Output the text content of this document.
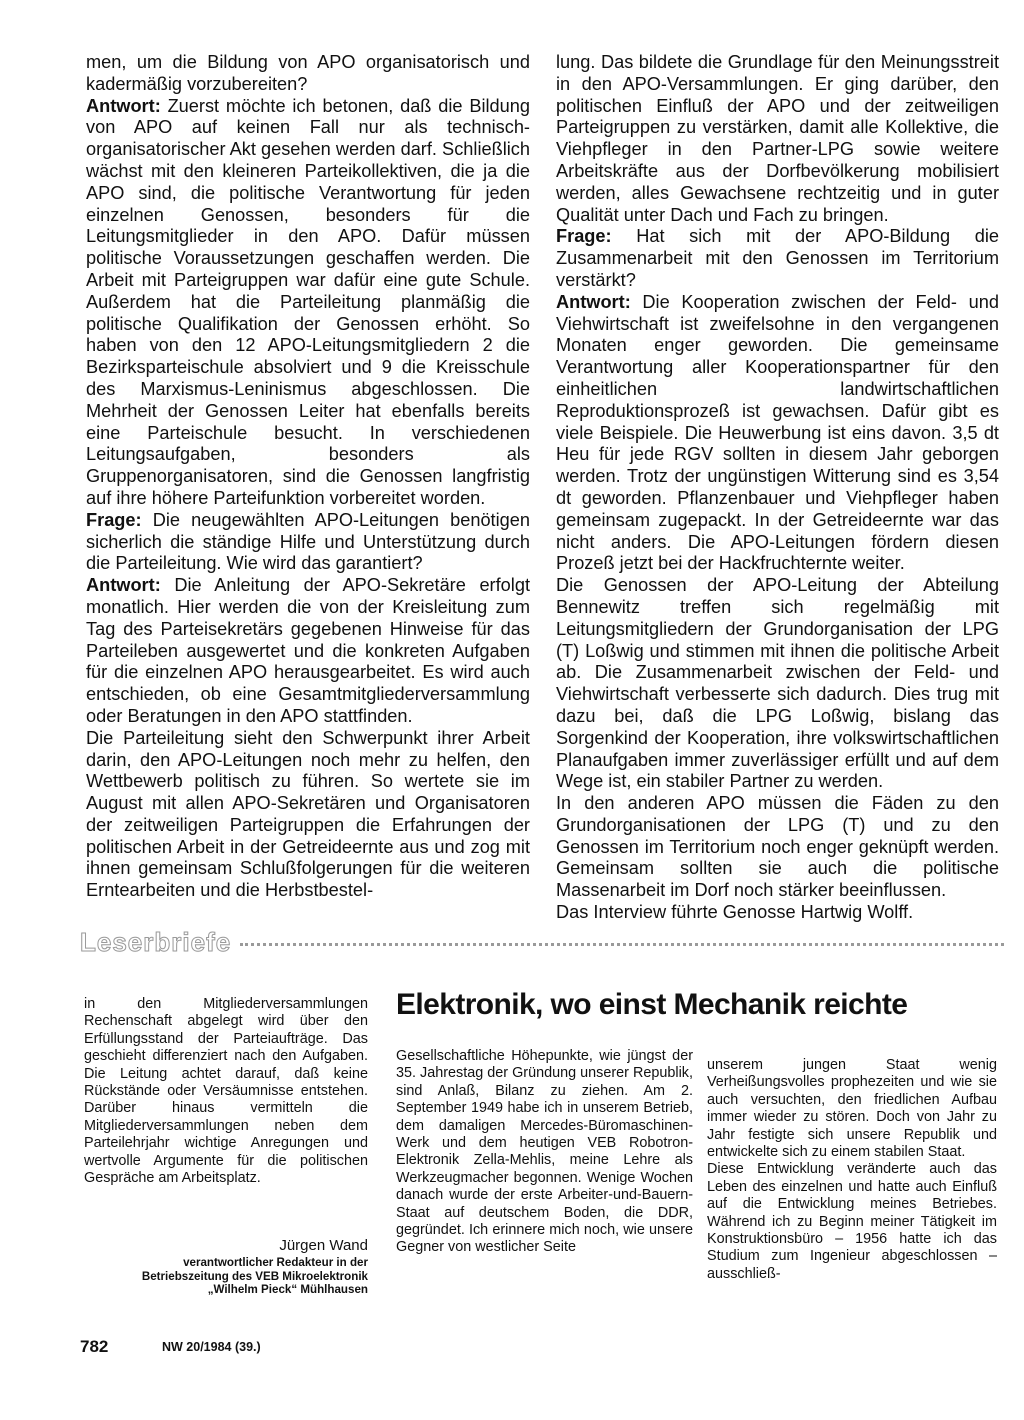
men, um die Bildung von APO organisatorisch und kadermäßig vorzubereiten?

Antwort: Zuerst möchte ich betonen, daß die Bildung von APO auf keinen Fall nur als technisch-organisatorischer Akt gesehen werden darf. Schließlich wächst mit den kleineren Parteikollektiven, die ja die APO sind, die politische Verantwortung für jeden einzelnen Genossen, besonders für die Leitungsmitglieder in den APO. Dafür müssen politische Voraussetzungen geschaffen werden. Die Arbeit mit Parteigruppen war dafür eine gute Schule. Außerdem hat die Parteileitung planmäßig die politische Qualifikation der Genossen erhöht. So haben von den 12 APO-Leitungsmitgliedern 2 die Bezirksparteischule absolviert und 9 die Kreisschule des Marxismus-Leninismus abgeschlossen. Die Mehrheit der Genossen Leiter hat ebenfalls bereits eine Parteischule besucht. In verschiedenen Leitungsaufgaben, besonders als Gruppenorganisatoren, sind die Genossen langfristig auf ihre höhere Parteifunktion vorbereitet worden.

Frage: Die neugewählten APO-Leitungen benötigen sicherlich die ständige Hilfe und Unterstützung durch die Parteileitung. Wie wird das garantiert?

Antwort: Die Anleitung der APO-Sekretäre erfolgt monatlich. Hier werden die von der Kreisleitung zum Tag des Parteisekretärs gegebenen Hinweise für das Parteileben ausgewertet und die konkreten Aufgaben für die einzelnen APO herausgearbeitet. Es wird auch entschieden, ob eine Gesamtmitgliederversammlung oder Beratungen in den APO stattfinden.

Die Parteileitung sieht den Schwerpunkt ihrer Arbeit darin, den APO-Leitungen noch mehr zu helfen, den Wettbewerb politisch zu führen. So wertete sie im August mit allen APO-Sekretären und Organisatoren der zeitweiligen Parteigruppen die Erfahrungen der politischen Arbeit in der Getreideernte aus und zog mit ihnen gemeinsam Schlußfolgerungen für die weiteren Erntearbeiten und die Herbstbestel-

lung. Das bildete die Grundlage für den Meinungsstreit in den APO-Versammlungen. Er ging darüber, den politischen Einfluß der APO und der zeitweiligen Parteigruppen zu verstärken, damit alle Kollektive, die Viehpfleger in den Partner-LPG sowie weitere Arbeitskräfte aus der Dorfbevölkerung mobilisiert werden, alles Gewachsene rechtzeitig und in guter Qualität unter Dach und Fach zu bringen.

Frage: Hat sich mit der APO-Bildung die Zusammenarbeit mit den Genossen im Territorium verstärkt?

Antwort: Die Kooperation zwischen der Feld- und Viehwirtschaft ist zweifelsohne in den vergangenen Monaten enger geworden. Die gemeinsame Verantwortung aller Kooperationspartner für den einheitlichen landwirtschaftlichen Reproduktionsprozeß ist gewachsen. Dafür gibt es viele Beispiele. Die Heuwerbung ist eins davon. 3,5 dt Heu für jede RGV sollten in diesem Jahr geborgen werden. Trotz der ungünstigen Witterung sind es 3,54 dt geworden. Pflanzenbauer und Viehpfleger haben gemeinsam zugepackt. In der Getreideernte war das nicht anders. Die APO-Leitungen fördern diesen Prozeß jetzt bei der Hackfruchternte weiter.

Die Genossen der APO-Leitung der Abteilung Bennewitz treffen sich regelmäßig mit Leitungsmitgliedern der Grundorganisation der LPG (T) Loßwig und stimmen mit ihnen die politische Arbeit ab. Die Zusammenarbeit zwischen der Feld- und Viehwirtschaft verbesserte sich dadurch. Dies trug mit dazu bei, daß die LPG Loßwig, bislang das Sorgenkind der Kooperation, ihre volkswirtschaftlichen Planaufgaben immer zuverlässiger erfüllt und auf dem Wege ist, ein stabiler Partner zu werden.

In den anderen APO müssen die Fäden zu den Grundorganisationen der LPG (T) und zu den Genossen im Territorium noch enger geknüpft werden. Gemeinsam sollten sie auch die politische Massenarbeit im Dorf noch stärker beeinflussen.

Das Interview führte Genosse Hartwig Wolff.

Leserbriefe

in den Mitgliederversammlungen Rechenschaft abgelegt wird über den Erfüllungsstand der Parteiaufträge. Das geschieht differenziert nach den Aufgaben. Die Leitung achtet darauf, daß keine Rückstände oder Versäumnisse entstehen. Darüber hinaus vermitteln die Mitgliederversammlungen neben dem Parteilehrjahr wichtige Anregungen und wertvolle Argumente für die politischen Gespräche am Arbeitsplatz.

Jürgen Wand
verantwortlicher Redakteur in der
Betriebszeitung des VEB Mikroelektronik
„Wilhelm Pieck“ Mühlhausen
Elektronik, wo einst Mechanik reichte

Gesellschaftliche Höhepunkte, wie jüngst der 35. Jahrestag der Gründung unserer Republik, sind Anlaß, Bilanz zu ziehen. Am 2. September 1949 habe ich in unserem Betrieb, dem damaligen Mercedes-Büromaschinen-Werk und dem heutigen VEB Robotron-Elektronik Zella-Mehlis, meine Lehre als Werkzeugmacher begonnen. Wenige Wochen danach wurde der erste Arbeiter-und-Bauern-Staat auf deutschem Boden, die DDR, gegründet. Ich erinnere mich noch, wie unsere Gegner von westlicher Seite

unserem jungen Staat wenig Verheißungsvolles prophezeiten und wie sie auch versuchten, den friedlichen Aufbau immer wieder zu stören. Doch von Jahr zu Jahr festigte sich unsere Republik und entwickelte sich zu einem stabilen Staat.

Diese Entwicklung veränderte auch das Leben des einzelnen und hatte auch Einfluß auf die Entwicklung meines Betriebes. Während ich zu Beginn meiner Tätigkeit im Konstruktionsbüro – 1956 hatte ich das Studium zum Ingenieur abgeschlossen – ausschließ-

782	NW 20/1984 (39.)
